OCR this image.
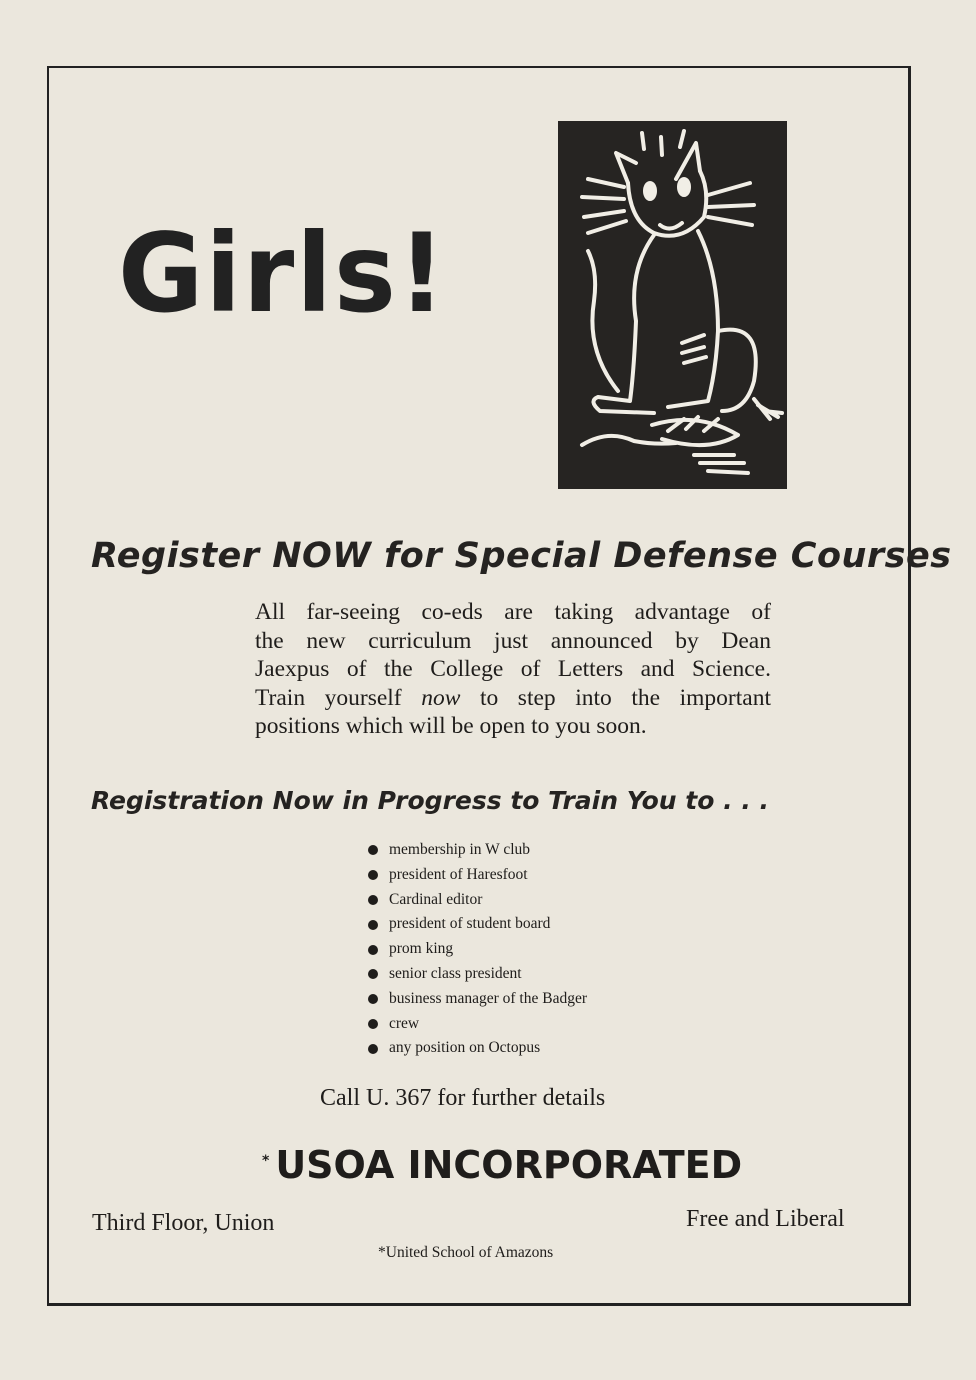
Girls!
Register NOW for Special Defense Courses
All far-seeing co-eds are taking advantage of
the new curriculum just announced by Dean
Jaexpus of the College of Letters and Science.
Train yourself now to step into the important
positions which will be open to you soon.
Registration Now in Progress to Train You to . . .
membership in W club
president of Haresfoot
Cardinal editor
president of student board
prom king
senior class president
business manager of the Badger
crew
any position on Octopus
Call U. 367 for further details
* USOA INCORPORATED
Third Floor, Union	Free and Liberal
*United School of Amazons
